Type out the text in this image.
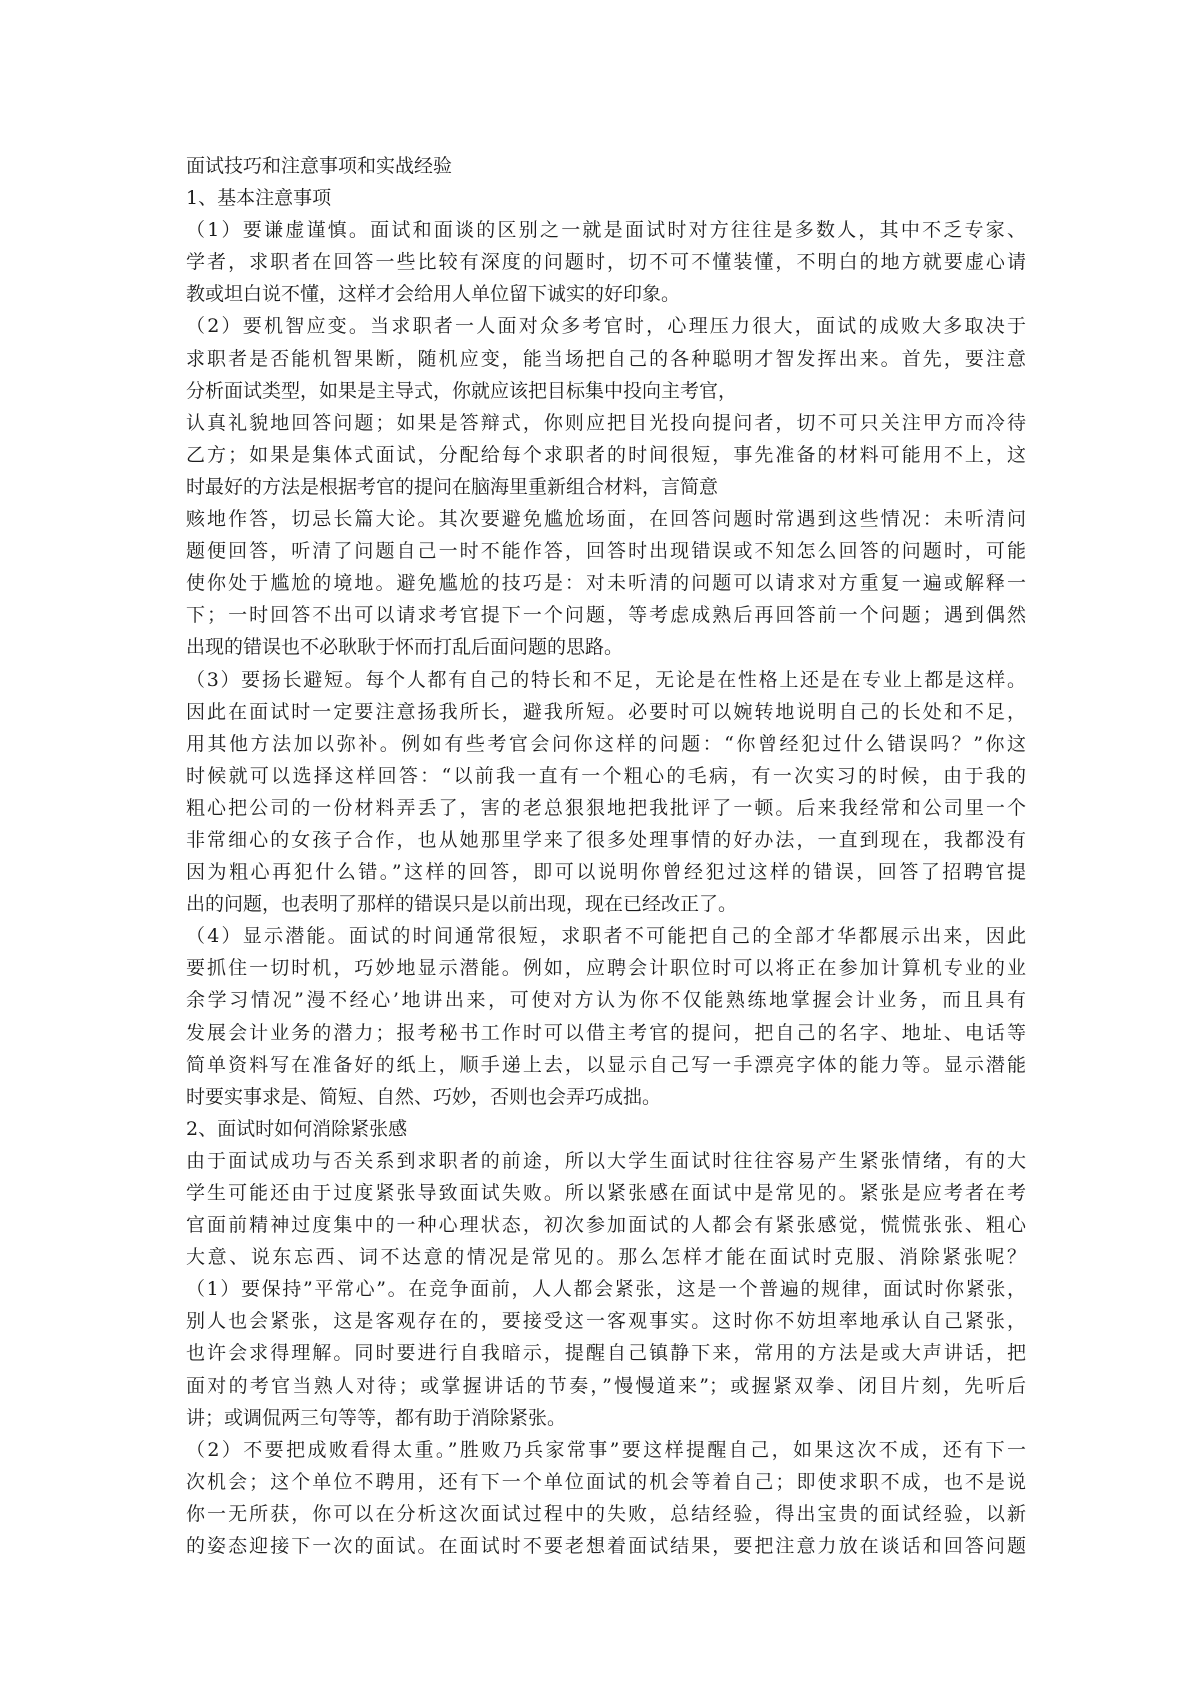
面试技巧和注意事项和实战经验

1、基本注意事项

（1）要谦虚谨慎。面试和面谈的区别之一就是面试时对方往往是多数人，其中不乏专家、

学者，求职者在回答一些比较有深度的问题时，切不可不懂装懂，不明白的地方就要虚心请

教或坦白说不懂，这样才会给用人单位留下诚实的好印象。

（2）要机智应变。当求职者一人面对众多考官时，心理压力很大，面试的成败大多取决于

求职者是否能机智果断，随机应变，能当场把自己的各种聪明才智发挥出来。首先，要注意

分析面试类型，如果是主导式，你就应该把目标集中投向主考官，

认真礼貌地回答问题；如果是答辩式，你则应把目光投向提问者，切不可只关注甲方而冷待

乙方；如果是集体式面试，分配给每个求职者的时间很短，事先准备的材料可能用不上，这

时最好的方法是根据考官的提问在脑海里重新组合材料，言简意

赅地作答，切忌长篇大论。其次要避免尴尬场面，在回答问题时常遇到这些情况：未听清问

题便回答，听清了问题自己一时不能作答，回答时出现错误或不知怎么回答的问题时，可能

使你处于尴尬的境地。避免尴尬的技巧是：对未听清的问题可以请求对方重复一遍或解释一

下；一时回答不出可以请求考官提下一个问题，等考虑成熟后再回答前一个问题；遇到偶然

出现的错误也不必耿耿于怀而打乱后面问题的思路。

（3）要扬长避短。每个人都有自己的特长和不足，无论是在性格上还是在专业上都是这样。

因此在面试时一定要注意扬我所长，避我所短。必要时可以婉转地说明自己的长处和不足，

用其他方法加以弥补。例如有些考官会问你这样的问题：“你曾经犯过什么错误吗？”你这

时候就可以选择这样回答：“以前我一直有一个粗心的毛病，有一次实习的时候，由于我的

粗心把公司的一份材料弄丢了，害的老总狠狠地把我批评了一顿。后来我经常和公司里一个

非常细心的女孩子合作，也从她那里学来了很多处理事情的好办法，一直到现在，我都没有

因为粗心再犯什么错。”这样的回答，即可以说明你曾经犯过这样的错误，回答了招聘官提

出的问题，也表明了那样的错误只是以前出现，现在已经改正了。

（4）显示潜能。面试的时间通常很短，求职者不可能把自己的全部才华都展示出来，因此

要抓住一切时机，巧妙地显示潜能。例如，应聘会计职位时可以将正在参加计算机专业的业

余学习情况”漫不经心’地讲出来，可使对方认为你不仅能熟练地掌握会计业务，而且具有

发展会计业务的潜力；报考秘书工作时可以借主考官的提问，把自己的名字、地址、电话等

简单资料写在准备好的纸上，顺手递上去，以显示自己写一手漂亮字体的能力等。显示潜能

时要实事求是、简短、自然、巧妙，否则也会弄巧成拙。

2、面试时如何消除紧张感

由于面试成功与否关系到求职者的前途，所以大学生面试时往往容易产生紧张情绪，有的大

学生可能还由于过度紧张导致面试失败。所以紧张感在面试中是常见的。紧张是应考者在考

官面前精神过度集中的一种心理状态，初次参加面试的人都会有紧张感觉，慌慌张张、粗心

大意、说东忘西、词不达意的情况是常见的。那么怎样才能在面试时克服、消除紧张呢？

（1）要保持”平常心”。在竞争面前，人人都会紧张，这是一个普遍的规律，面试时你紧张，

别人也会紧张，这是客观存在的，要接受这一客观事实。这时你不妨坦率地承认自己紧张，

也许会求得理解。同时要进行自我暗示，提醒自己镇静下来，常用的方法是或大声讲话，把

面对的考官当熟人对待；或掌握讲话的节奏，”慢慢道来”；或握紧双拳、闭目片刻，先听后

讲；或调侃两三句等等，都有助于消除紧张。

（2）不要把成败看得太重。”胜败乃兵家常事”要这样提醒自己，如果这次不成，还有下一

次机会；这个单位不聘用，还有下一个单位面试的机会等着自己；即使求职不成，也不是说

你一无所获，你可以在分析这次面试过程中的失败，总结经验，得出宝贵的面试经验，以新

的姿态迎接下一次的面试。在面试时不要老想着面试结果，要把注意力放在谈话和回答问题
